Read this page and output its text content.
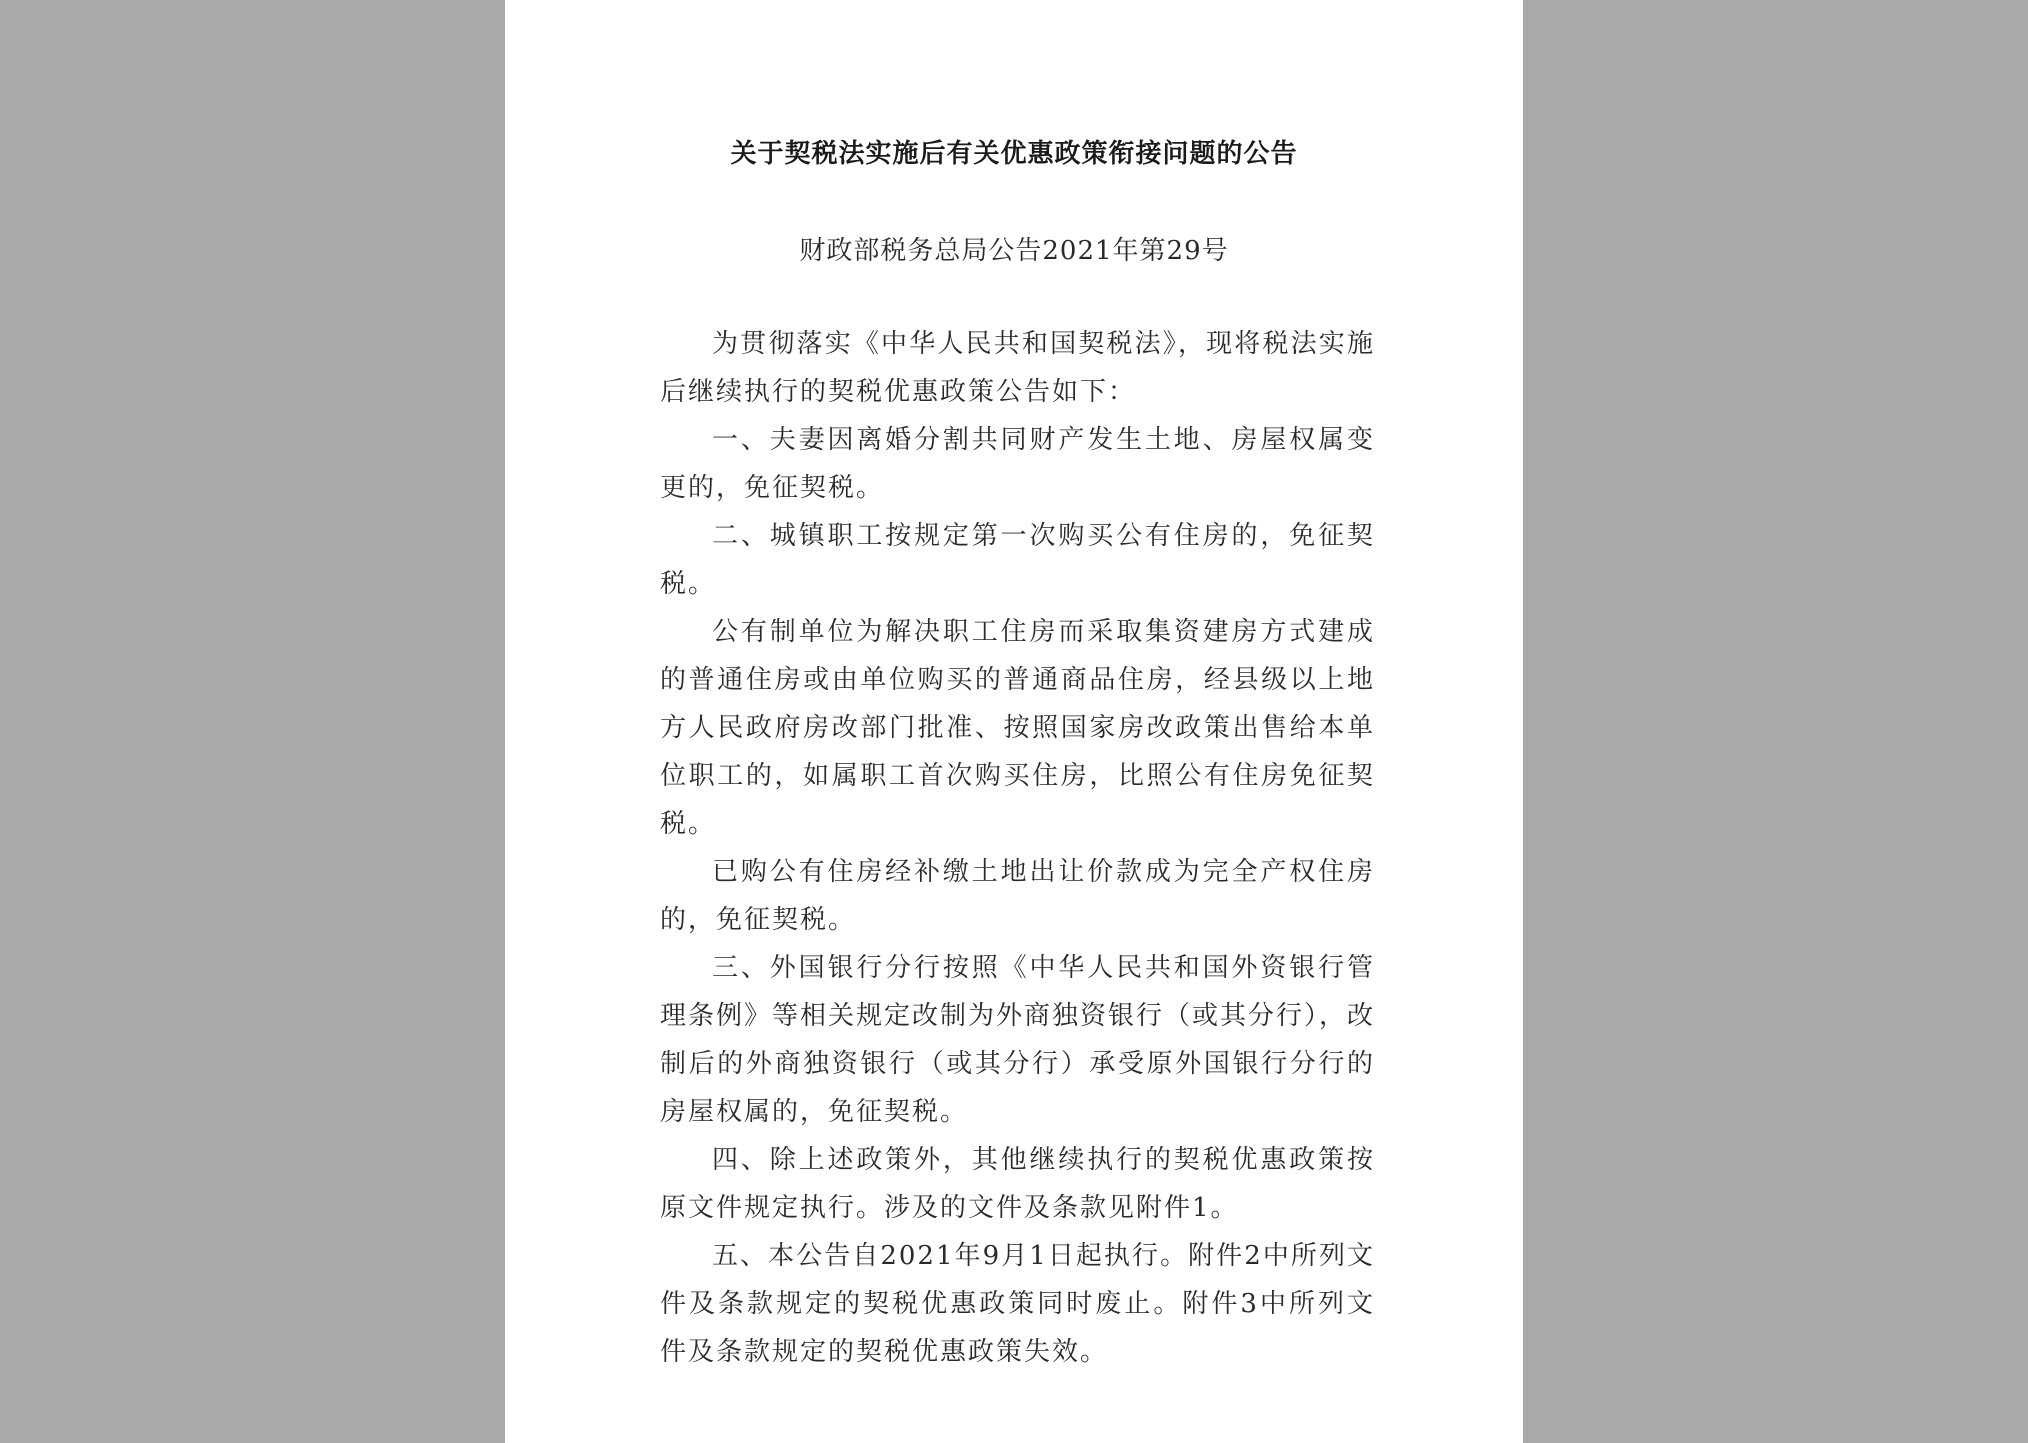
关于契税法实施后有关优惠政策衔接问题的公告
财政部税务总局公告2021年第29号

为贯彻落实《中华人民共和国契税法》，现将税法实施后继续执行的契税优惠政策公告如下：

一、夫妻因离婚分割共同财产发生土地、房屋权属变更的，免征契税。

二、城镇职工按规定第一次购买公有住房的，免征契税。

公有制单位为解决职工住房而采取集资建房方式建成的普通住房或由单位购买的普通商品住房，经县级以上地方人民政府房改部门批准、按照国家房改政策出售给本单位职工的，如属职工首次购买住房，比照公有住房免征契税。

已购公有住房经补缴土地出让价款成为完全产权住房的，免征契税。

三、外国银行分行按照《中华人民共和国外资银行管理条例》等相关规定改制为外商独资银行（或其分行），改制后的外商独资银行（或其分行）承受原外国银行分行的房屋权属的，免征契税。

四、除上述政策外，其他继续执行的契税优惠政策按原文件规定执行。涉及的文件及条款见附件1。

五、本公告自2021年9月1日起执行。附件2中所列文件及条款规定的契税优惠政策同时废止。附件3中所列文件及条款规定的契税优惠政策失效。
